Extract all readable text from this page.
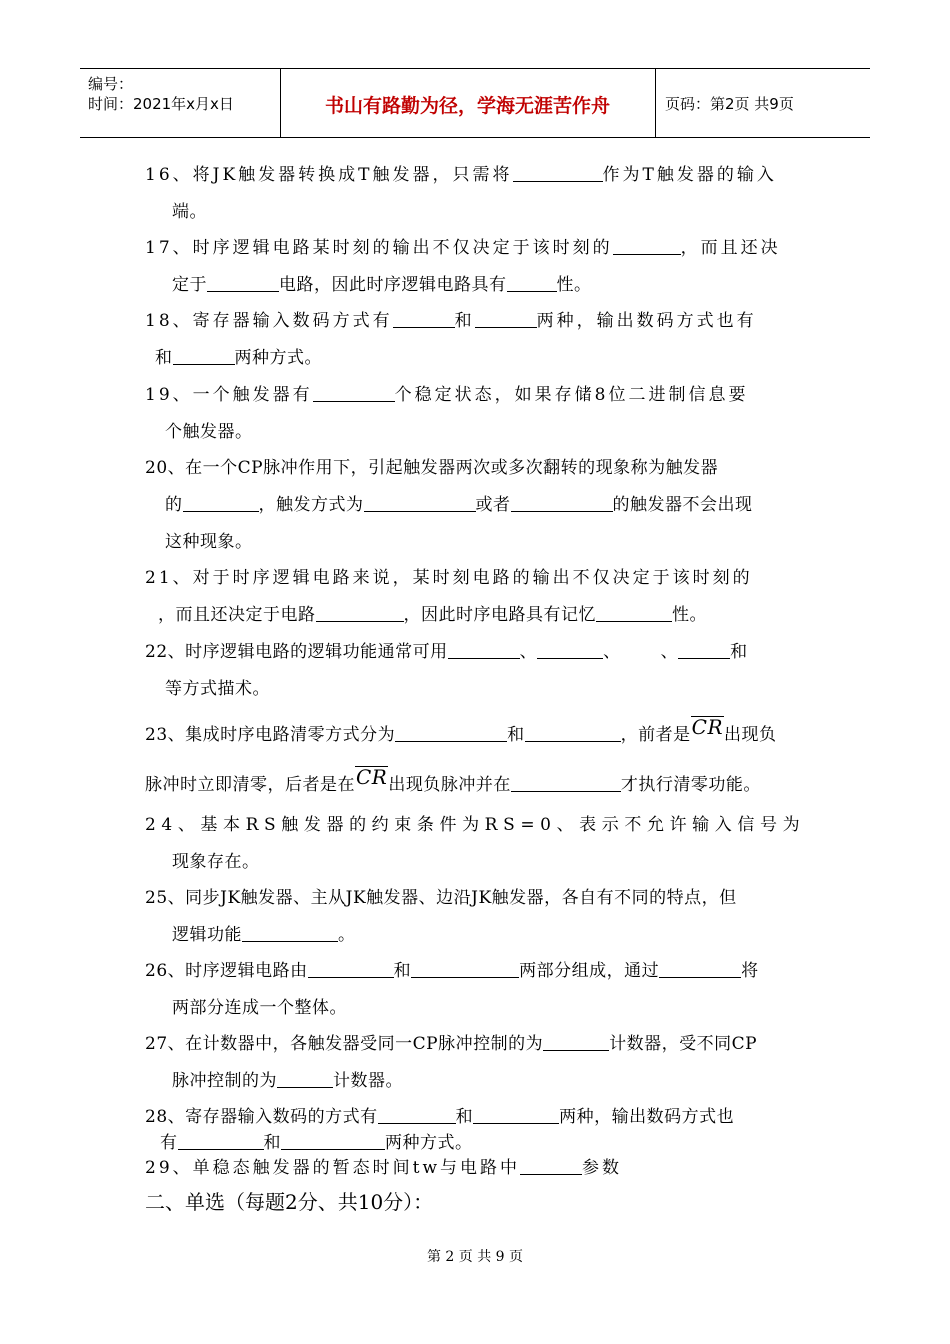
编号：
时间：2021年x月x日	书山有路勤为径，学海无涯苦作舟	页码：第2页 共9页
16、将JK触发器转换成T触发器，只需将	作为T触发器的输入
端。
17、时序逻辑电路某时刻的输出不仅决定于该时刻的	，而且还决
定于	电路，因此时序逻辑电路具有	性。
18、寄存器输入数码方式有	和	两种，输出数码方式也有
和	两种方式。
19、一个触发器有	个稳定状态，如果存储8位二进制信息要
个触发器。
20、在一个CP脉冲作用下，引起触发器两次或多次翻转的现象称为触发器
的	，触发方式为	或者	的触发器不会出现
这种现象。
21、对于时序逻辑电路来说，某时刻电路的输出不仅决定于该时刻的
，而且还决定于电路	，因此时序电路具有记忆	性。
22、时序逻辑电路的逻辑功能通常可用	、	、 、	和
等方式描术。
23、集成时序电路清零方式分为	和	，前者是CR出现负
脉冲时立即清零，后者是在CR出现负脉冲并在	才执行清零功能。
24、基本RS触发器的约束条件为RS=0、表示不允许输入信号为
现象存在。
25、同步JK触发器、主从JK触发器、边沿JK触发器，各自有不同的特点，但
逻辑功能	。
26、时序逻辑电路由	和	两部分组成，通过	将
两部分连成一个整体。
27、在计数器中，各触发器受同一CP脉冲控制的为	计数器，受不同CP
脉冲控制的为	计数器。
28、寄存器输入数码的方式有	和	两种，输出数码方式也
有	和	两种方式。
29、单稳态触发器的暂态时间tw与电路中	参数
二、单选（每题2分、共10分）：
第 2 页 共 9 页
